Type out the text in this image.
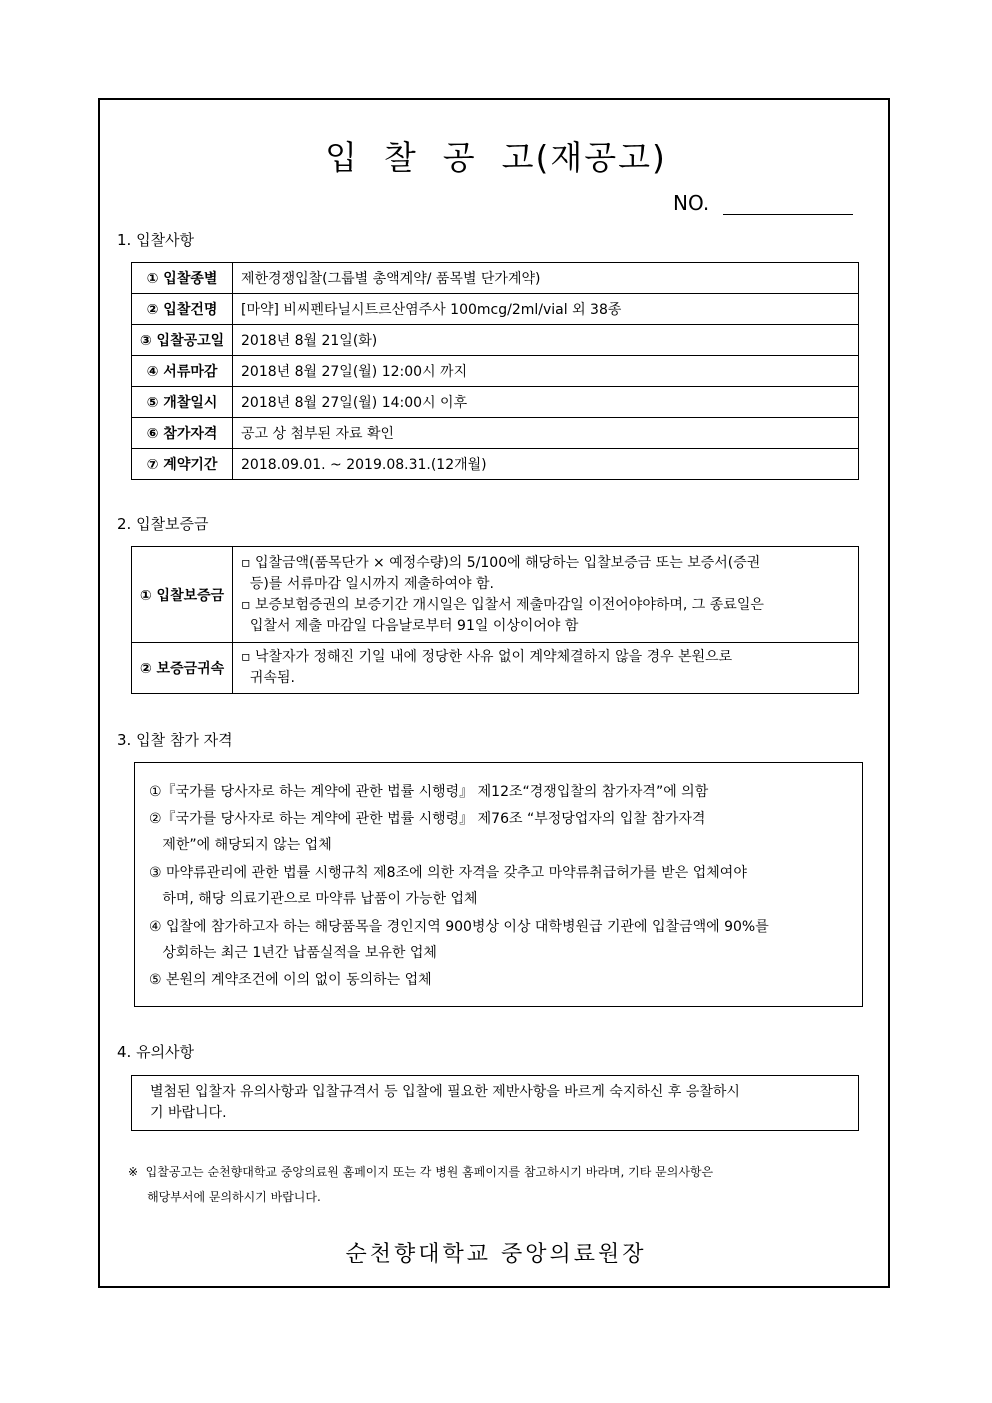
입  찰  공  고(재공고)
NO.
1. 입찰사항
① 입찰종별	제한경쟁입찰(그룹별 총액계약/ 품목별 단가계약)
② 입찰건명	[마약] 비씨펜타닐시트르산염주사 100mcg/2ml/vial 외 38종
③ 입찰공고일	2018년 8월 21일(화)
④ 서류마감	2018년 8월 27일(월) 12:00시 까지
⑤ 개찰일시	2018년 8월 27일(월) 14:00시 이후
⑥ 참가자격	공고 상 첨부된 자료 확인
⑦ 계약기간	2018.09.01. ~ 2019.08.31.(12개월)
2. 입찰보증금
① 입찰보증금	▫ 입찰금액(품목단가 × 예정수량)의 5/100에 해당하는 입찰보증금 또는 보증서(증권
등)를 서류마감 일시까지 제출하여야 함.
▫ 보증보험증권의 보증기간 개시일은 입찰서 제출마감일 이전어야야하며, 그 종료일은
입찰서 제출 마감일 다음날로부터 91일 이상이어야 함

② 보증금귀속	▫ 낙찰자가 정해진 기일 내에 정당한 사유 없이 계약체결하지 않을 경우 본원으로
귀속됨.
3. 입찰 참가 자격
①『국가를 당사자로 하는 계약에 관한 법률 시행령』 제12조“경쟁입찰의 참가자격”에 의함
②『국가를 당사자로 하는 계약에 관한 법률 시행령』 제76조 “부정당업자의 입찰 참가자격
제한”에 해당되지 않는 업체
③ 마약류관리에 관한 법률 시행규칙 제8조에 의한 자격을 갖추고 마약류취급허가를 받은 업체여야
하며, 해당 의료기관으로 마약류 납품이 가능한 업체
④ 입찰에 참가하고자 하는 해당품목을 경인지역 900병상 이상 대학병원급 기관에 입찰금액에 90%를
상회하는 최근 1년간 납품실적을 보유한 업체
⑤ 본원의 계약조건에 이의 없이 동의하는 업체
4. 유의사항
별첨된 입찰자 유의사항과 입찰규격서 등 입찰에 필요한 제반사항을 바르게 숙지하신 후 응찰하시
기 바랍니다.
※  입찰공고는 순천향대학교 중앙의료원 홈페이지 또는 각 병원 홈페이지를 참고하시기 바라며, 기타 문의사항은
해당부서에 문의하시기 바랍니다.
순천향대학교 중앙의료원장
